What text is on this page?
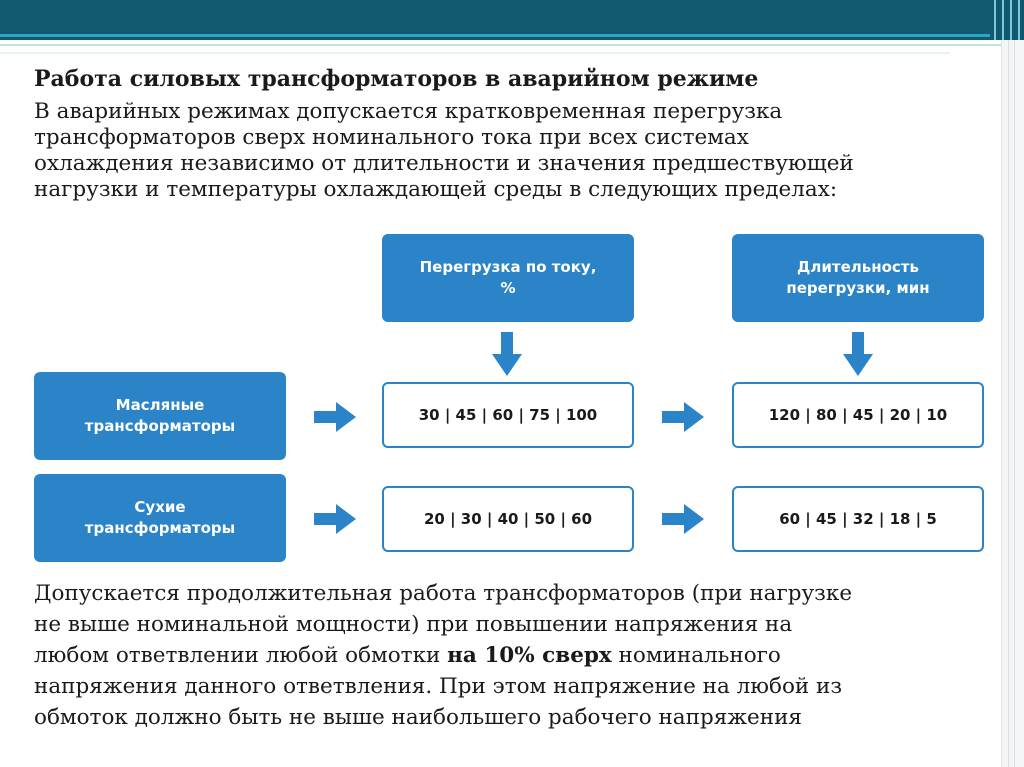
Работа силовых трансформаторов в аварийном режиме
В аварийных режимах допускается кратковременная перегрузка
трансформаторов сверх номинального тока при всех системах
охлаждения независимо от длительности и значения предшествующей
нагрузки и температуры охлаждающей среды в следующих пределах:
Перегрузка по току,
%
Длительность
перегрузки, мин
Масляные
трансформаторы
Сухие
трансформаторы
30 | 45 | 60 | 75 | 100	120 | 80 | 45 | 20 | 10
20 | 30 | 40 | 50 | 60	60 | 45 | 32 | 18 | 5
Допускается продолжительная работа трансформаторов (при нагрузке
не выше номинальной мощности) при повышении напряжения на
любом ответвлении любой обмотки на 10% сверх номинального
напряжения данного ответвления. При этом напряжение на любой из
обмоток должно быть не выше наибольшего рабочего напряжения
